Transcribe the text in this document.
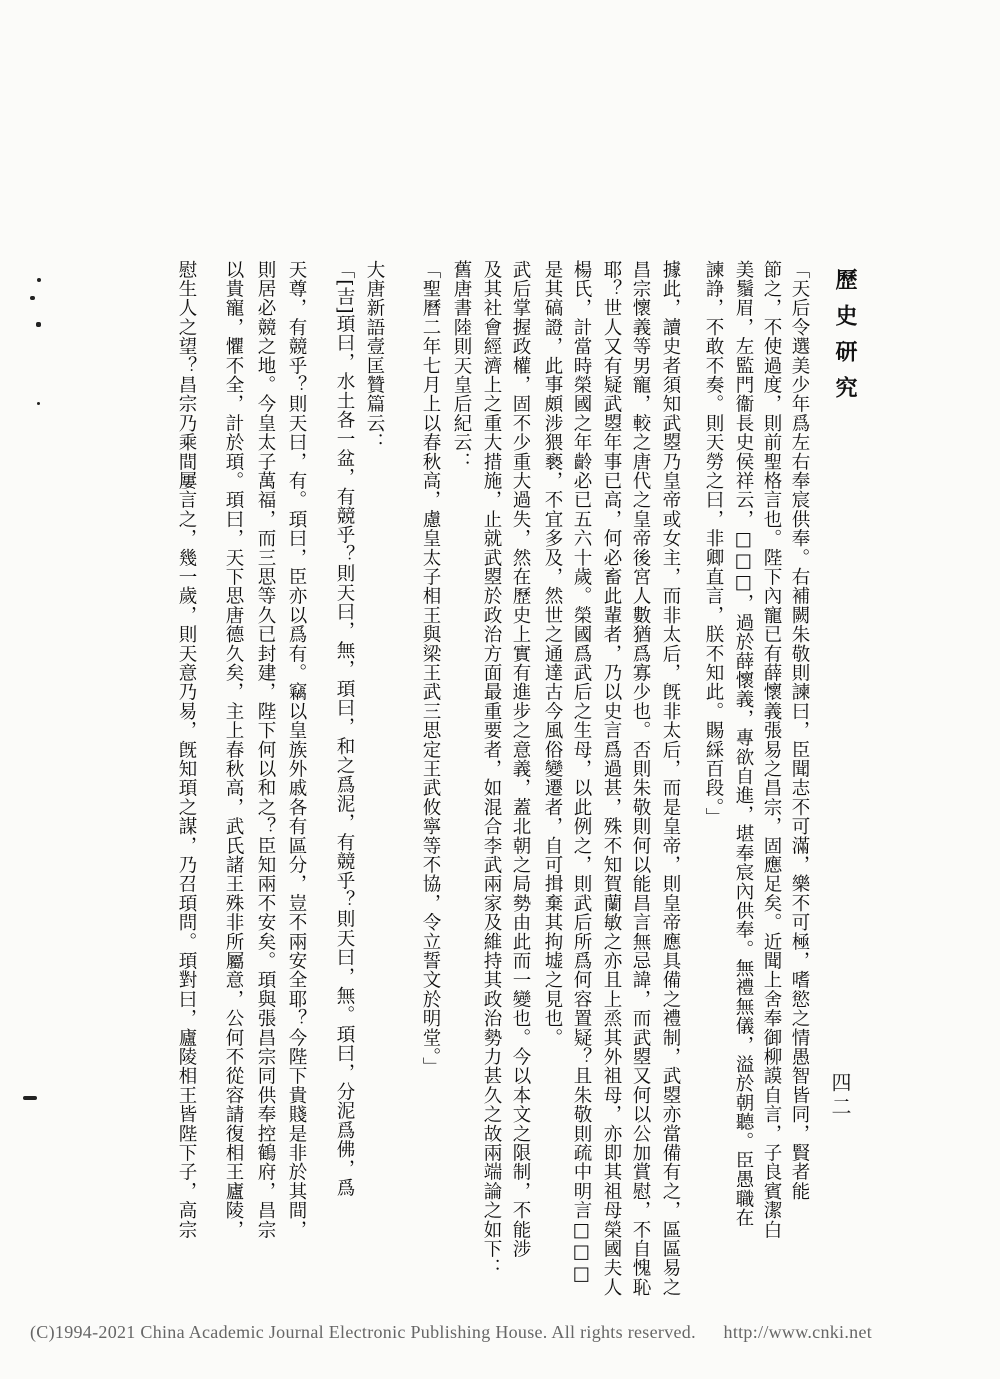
歷史研究
四二
「天后令選美少年爲左右奉宸供奉。右補闕朱敬則諫曰，臣聞志不可滿，樂不可極，嗜慾之情愚智皆同，賢者能
節之，不使過度，則前聖格言也。陛下內寵已有薛懷義張易之昌宗，固應足矣。近聞上舍奉御柳謨自言，子良賓潔白
美鬚眉，左監門衞長史侯祥云，□□□，過於薛懷義，專欲自進，堪奉宸內供奉。無禮無儀，溢於朝聽。臣愚職在
諫諍，不敢不奏。則天勞之曰，非卿直言，朕不知此。賜綵百段。」
據此，讀史者須知武曌乃皇帝或女主，而非太后，旣非太后，而是皇帝，則皇帝應具備之禮制，武曌亦當備有之，區區易之
昌宗懷義等男寵，較之唐代之皇帝後宮人數猶爲寡少也。否則朱敬則何以能昌言無忌諱，而武曌又何以公加賞慰，不自愧恥
耶？世人又有疑武曌年事已高，何必畜此輩者，乃以史言爲過甚，殊不知賀蘭敏之亦且上烝其外祖母，亦即其祖母榮國夫人
楊氏，計當時榮國之年齡必已五六十歲。榮國爲武后之生母，以此例之，則武后所爲何容置疑？且朱敬則疏中明言□□□
是其碻證，此事頗涉猥褻，不宜多及，然世之通達古今風俗變遷者，自可揖棄其拘墟之見也。
武后掌握政權，固不少重大過失，然在歷史上實有進步之意義，蓋北朝之局勢由此而一變也。今以本文之限制，不能涉
及其社會經濟上之重大措施，止就武曌於政治方面最重要者，如混合李武兩家及維持其政治勢力甚久之故兩端論之如下：
舊唐書陸則天皇后紀云：
「聖曆二年七月上以春秋高，慮皇太子相王與梁王武三思定王武攸寧等不協，令立誓文於明堂。」
大唐新語壹匡贊篇云：
「[吉]頊曰，水土各一盆，有競乎？則天曰，無，頊曰，和之爲泥，有競乎？則天曰，無。頊曰，分泥爲佛，爲
天尊，有競乎？則天曰，有。頊曰，臣亦以爲有。竊以皇族外戚各有區分，豈不兩安全耶？今陛下貴賤是非於其間，
則居必競之地。今皇太子萬福，而三思等久已封建，陛下何以和之？臣知兩不安矣。頊與張昌宗同供奉控鶴府，昌宗
以貴寵，懼不全，計於頊。頊曰，天下思唐德久矣，主上春秋高，武氏諸王殊非所屬意，公何不從容請復相王廬陵，
慰生人之望？昌宗乃乘間屢言之，幾一歲，則天意乃易，旣知頊之謀，乃召頊問。頊對曰，廬陵相王皆陛下子，高宗
(C)1994-2021 China Academic Journal Electronic Publishing House. All rights reserved. http://www.cnki.net
